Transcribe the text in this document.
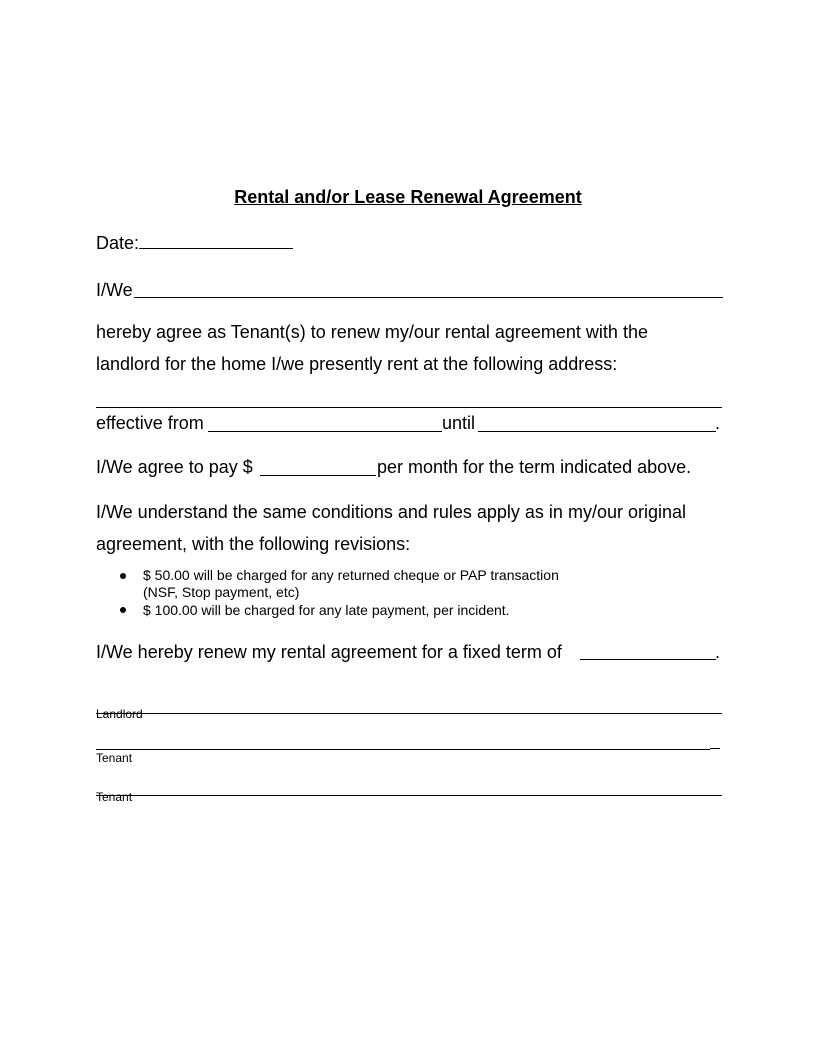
Rental and/or Lease Renewal Agreement
Date:
I/We
hereby agree as Tenant(s) to renew my/our rental agreement with the
landlord for the home I/we presently rent at the following address:
effective from	until	.
I/We agree to pay $	per month for the term indicated above.
I/We understand the same conditions and rules apply as in my/our original
agreement, with the following revisions:
$ 50.00 will be charged for any returned cheque or PAP transaction
(NSF, Stop payment, etc)
$ 100.00 will be charged for any late payment, per incident.
I/We hereby renew my rental agreement for a fixed term of	.
Landlord
Tenant
Tenant
